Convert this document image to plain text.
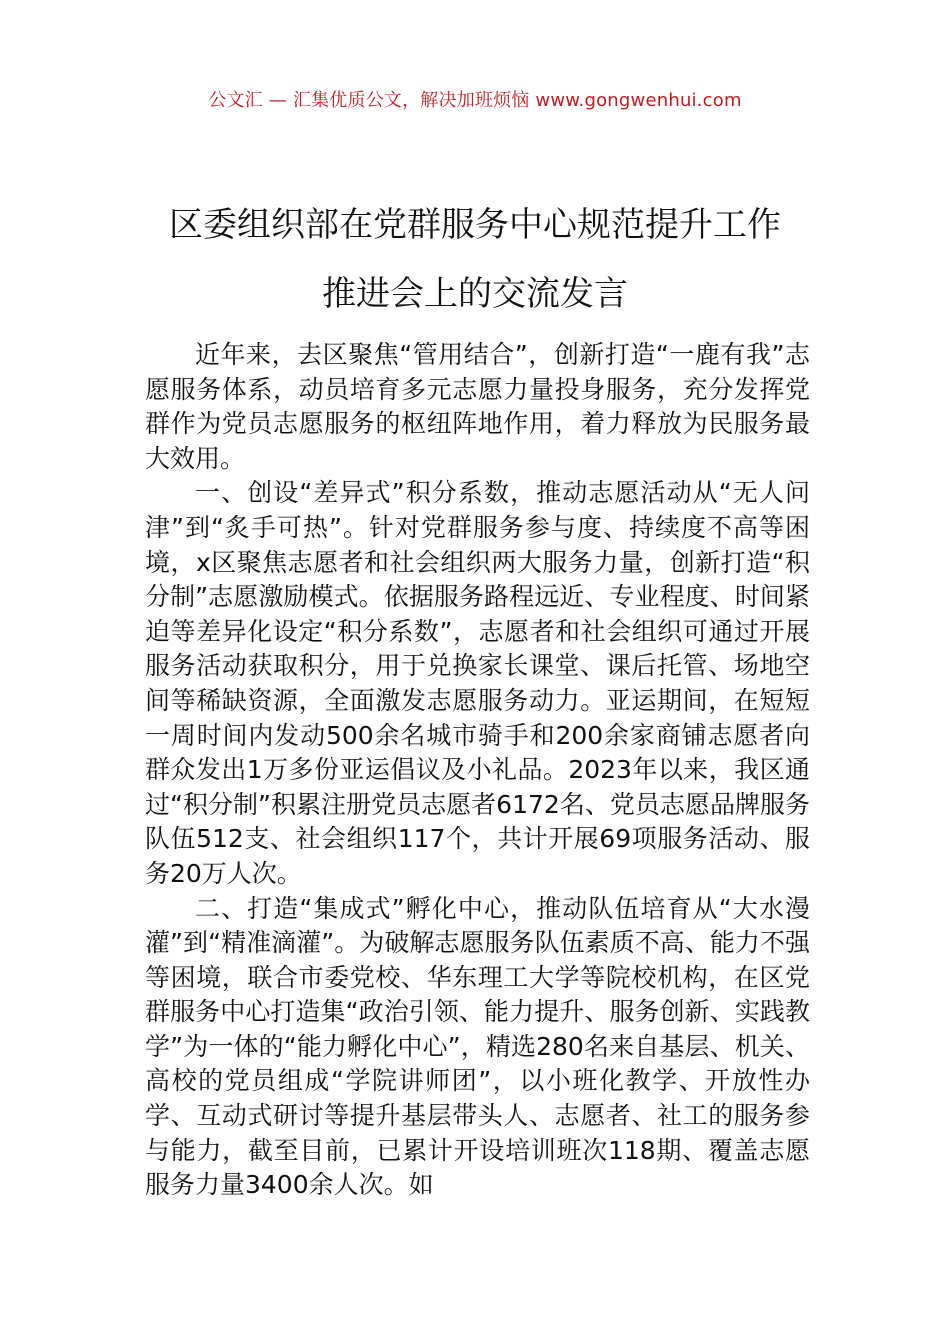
公文汇 — 汇集优质公文，解决加班烦恼 www.gongwenhui.com
区委组织部在党群服务中心规范提升工作
推进会上的交流发言

近年来，去区聚焦“管用结合”，创新打造“一鹿有我”志愿服务体系，动员培育多元志愿力量投身服务，充分发挥党群作为党员志愿服务的枢纽阵地作用，着力释放为民服务最大效用。

一、创设“差异式”积分系数，推动志愿活动从“无人问津”到“炙手可热”。针对党群服务参与度、持续度不高等困境，x区聚焦志愿者和社会组织两大服务力量，创新打造“积分制”志愿激励模式。依据服务路程远近、专业程度、时间紧迫等差异化设定“积分系数”，志愿者和社会组织可通过开展服务活动获取积分，用于兑换家长课堂、课后托管、场地空间等稀缺资源，全面激发志愿服务动力。亚运期间，在短短一周时间内发动500余名城市骑手和200余家商铺志愿者向群众发出1万多份亚运倡议及小礼品。2023年以来，我区通过“积分制”积累注册党员志愿者6172名、党员志愿品牌服务队伍512支、社会组织117个，共计开展69项服务活动、服务20万人次。

二、打造“集成式”孵化中心，推动队伍培育从“大水漫灌”到“精准滴灌”。为破解志愿服务队伍素质不高、能力不强等困境，联合市委党校、华东理工大学等院校机构，在区党群服务中心打造集“政治引领、能力提升、服务创新、实践教学”为一体的“能力孵化中心”，精选280名来自基层、机关、高校的党员组成“学院讲师团”，以小班化教学、开放性办学、互动式研讨等提升基层带头人、志愿者、社工的服务参与能力，截至目前，已累计开设培训班次118期、覆盖志愿服务力量3400余人次。如
